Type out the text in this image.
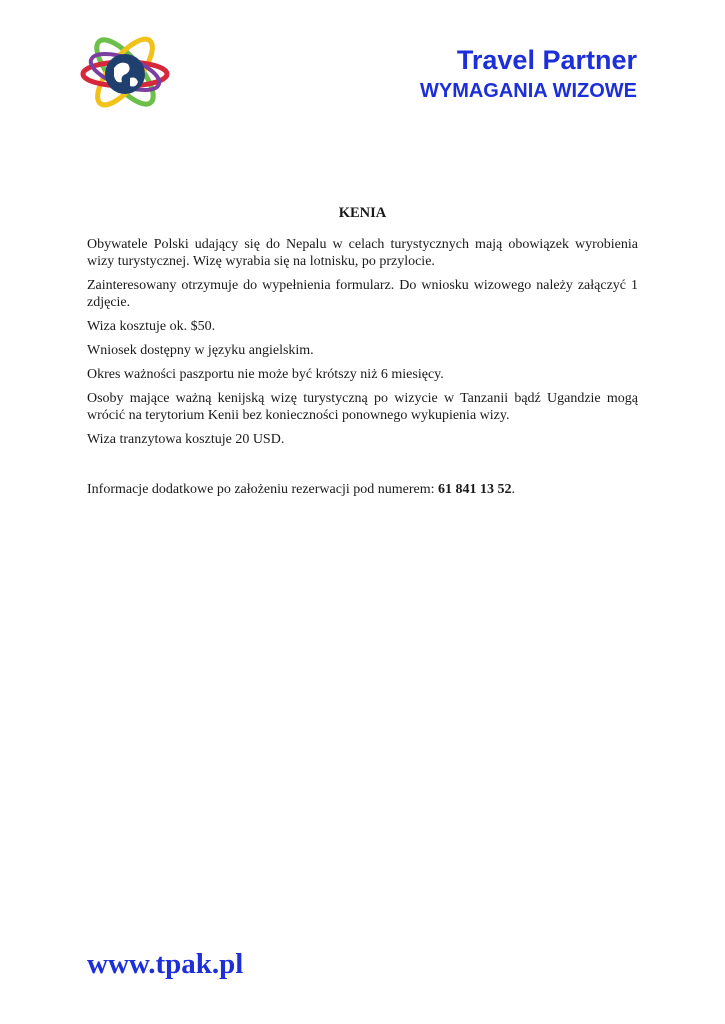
Travel Partner
WYMAGANIA WIZOWE
KENIA

Obywatele Polski udający się do Nepalu w celach turystycznych mają obowiązek wyrobienia wizy turystycznej. Wizę wyrabia się na lotnisku, po przylocie.

Zainteresowany otrzymuje do wypełnienia formularz. Do wniosku wizowego należy załączyć 1 zdjęcie.

Wiza kosztuje ok. $50.

Wniosek dostępny w języku angielskim.

Okres ważności paszportu nie może być krótszy niż 6 miesięcy.

Osoby mające ważną kenijską wizę turystyczną po wizycie w Tanzanii bądź Ugandzie mogą wrócić na terytorium Kenii bez konieczności ponownego wykupienia wizy.

Wiza tranzytowa kosztuje 20 USD.

Informacje dodatkowe po założeniu rezerwacji pod numerem: 61 841 13 52.

www.tpak.pl
